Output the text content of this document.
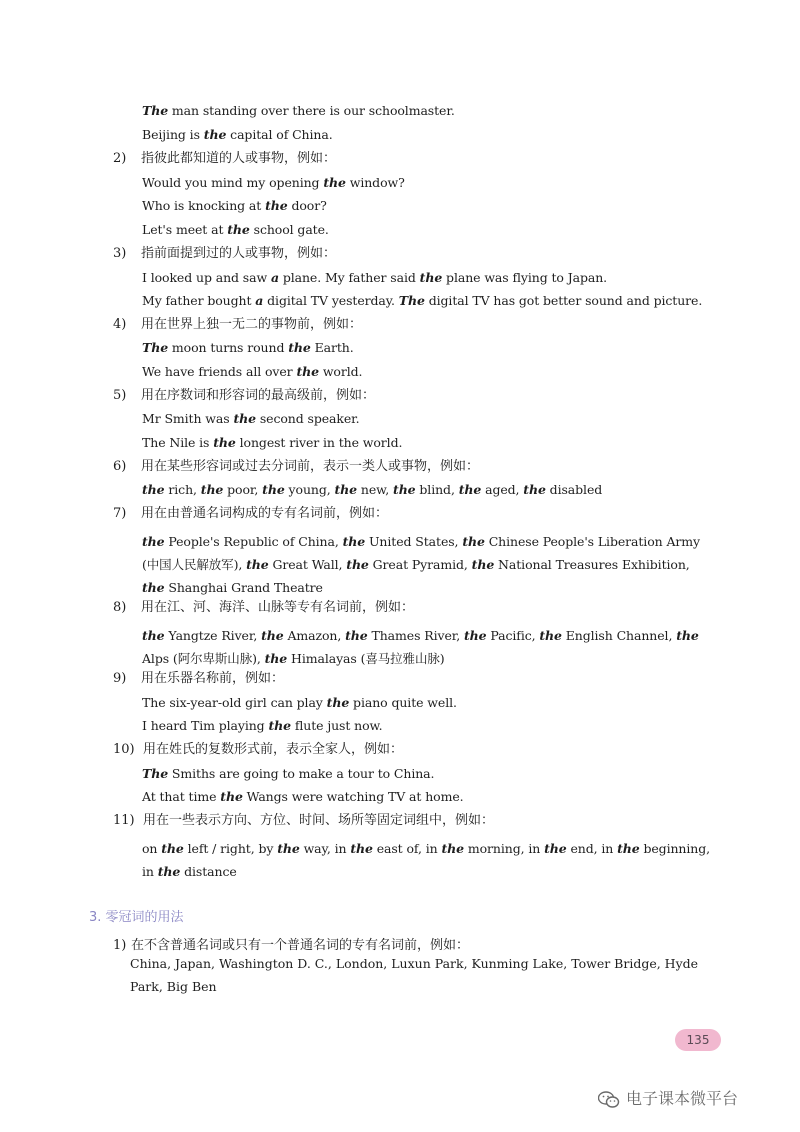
The man standing over there is our schoolmaster.
Beijing is the capital of China.
2) 指彼此都知道的人或事物，例如：
Would you mind my opening the window?
Who is knocking at the door?
Let's meet at the school gate.
3) 指前面提到过的人或事物，例如：
I looked up and saw a plane. My father said the plane was flying to Japan.
My father bought a digital TV yesterday. The digital TV has got better sound and picture.
4) 用在世界上独一无二的事物前，例如：
The moon turns round the Earth.
We have friends all over the world.
5) 用在序数词和形容词的最高级前，例如：
Mr Smith was the second speaker.
The Nile is the longest river in the world.
6) 用在某些形容词或过去分词前，表示一类人或事物，例如：
the rich, the poor, the young, the new, the blind, the aged, the disabled
7) 用在由普通名词构成的专有名词前，例如：
the People's Republic of China, the United States, the Chinese People's Liberation Army (中国人民解放军), the Great Wall, the Great Pyramid, the National Treasures Exhibition, the Shanghai Grand Theatre
8) 用在江、河、海洋、山脉等专有名词前，例如：
the Yangtze River, the Amazon, the Thames River, the Pacific, the English Channel, the Alps (阿尔卑斯山脉), the Himalayas (喜马拉雅山脉)
9) 用在乐器名称前，例如：
The six-year-old girl can play the piano quite well.
I heard Tim playing the flute just now.
10) 用在姓氏的复数形式前，表示全家人，例如：
The Smiths are going to make a tour to China.
At that time the Wangs were watching TV at home.
11) 用在一些表示方向、方位、时间、场所等固定词组中，例如：
on the left / right, by the way, in the east of, in the morning, in the end, in the beginning, in the distance
3. 零冠词的用法
1) 在不含普通名词或只有一个普通名词的专有名词前，例如：
China, Japan, Washington D. C., London, Luxun Park, Kunming Lake, Tower Bridge, Hyde Park, Big Ben
135
电子课本微平台
